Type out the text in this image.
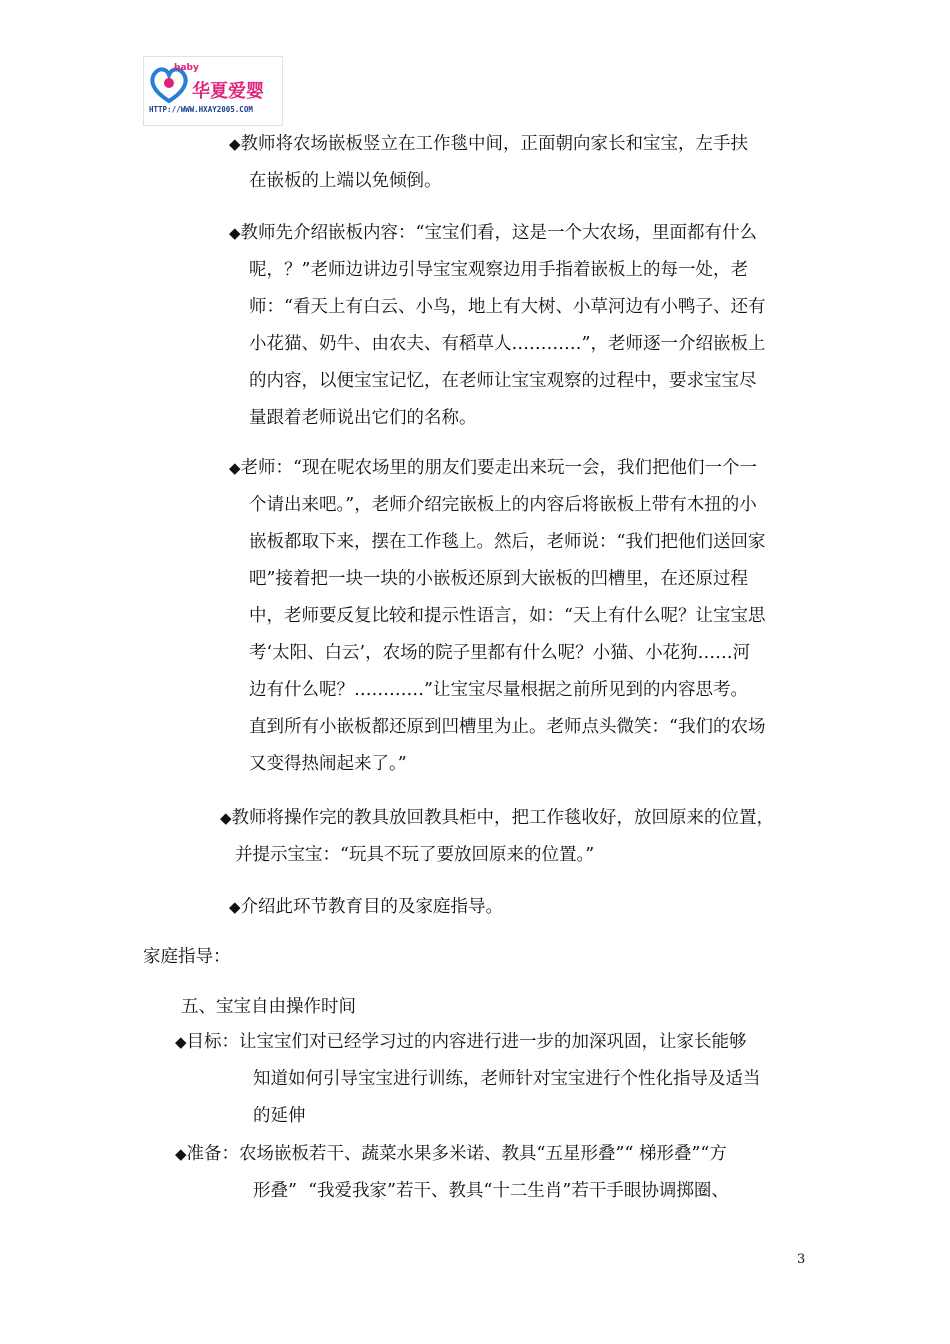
baby
华夏爱婴
HTTP://WWW.HXAY2005.COM
◆教师将农场嵌板竖立在工作毯中间，正面朝向家长和宝宝，左手扶
在嵌板的上端以免倾倒。
◆教师先介绍嵌板内容：“宝宝们看，这是一个大农场，里面都有什么
呢，？”老师边讲边引导宝宝观察边用手指着嵌板上的每一处，老
师：“看天上有白云、小鸟，地上有大树、小草河边有小鸭子、还有
小花猫、奶牛、由农夫、有稻草人…………”，老师逐一介绍嵌板上
的内容，以便宝宝记忆，在老师让宝宝观察的过程中，要求宝宝尽
量跟着老师说出它们的名称。
◆老师：“现在呢农场里的朋友们要走出来玩一会，我们把他们一个一
个请出来吧。”，老师介绍完嵌板上的内容后将嵌板上带有木扭的小
嵌板都取下来，摆在工作毯上。然后，老师说：“我们把他们送回家
吧”接着把一块一块的小嵌板还原到大嵌板的凹槽里，在还原过程
中，老师要反复比较和提示性语言，如：“天上有什么呢？让宝宝思
考‘太阳、白云’，农场的院子里都有什么呢？小猫、小花狗……河
边有什么呢？…………”让宝宝尽量根据之前所见到的内容思考。
直到所有小嵌板都还原到凹槽里为止。老师点头微笑：“我们的农场
又变得热闹起来了。”
◆教师将操作完的教具放回教具柜中，把工作毯收好，放回原来的位置，
并提示宝宝：“玩具不玩了要放回原来的位置。”
◆介绍此环节教育目的及家庭指导。
家庭指导：
五、宝宝自由操作时间
◆目标：让宝宝们对已经学习过的内容进行进一步的加深巩固，让家长能够
知道如何引导宝宝进行训练，老师针对宝宝进行个性化指导及适当
的延伸
◆准备：农场嵌板若干、蔬菜水果多米诺、教具“五星形叠”“ 梯形叠”“方
形叠”  “我爱我家”若干、教具“十二生肖”若干手眼协调掷圈、
3
